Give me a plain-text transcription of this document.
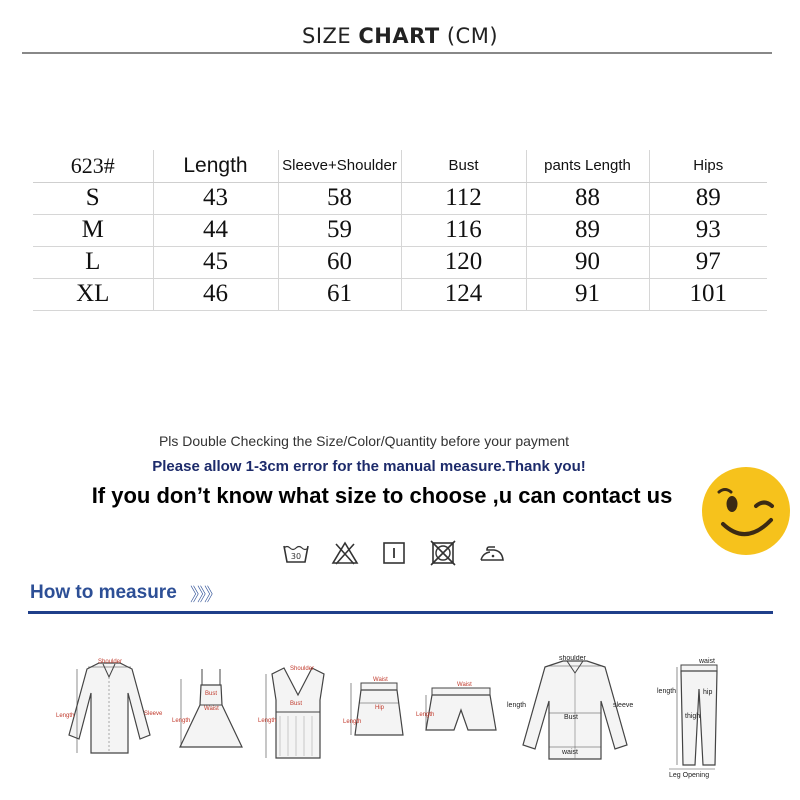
SIZE CHART (CM)
623#	Length	Sleeve+Shoulder	Bust	pants Length	Hips
S	43	58	112	88	89
M	44	59	116	89	93
L	45	60	120	90	97
XL	46	61	124	91	101
Pls Double Checking the Size/Color/Quantity before your payment
Please allow 1-3cm error for the manual measure.Thank you!
If you don’t know what size to choose ,u can contact us
30
How to measure 》》》
Shoulder
Length	Sleeve
Length
Bust
Waist
Length
Shoulder
Bust
Waist
Hip
Length
Waist
Length
shoulder
length	sleeve
Bust
waist
waist
length	hip
thigh
Leg Opening
